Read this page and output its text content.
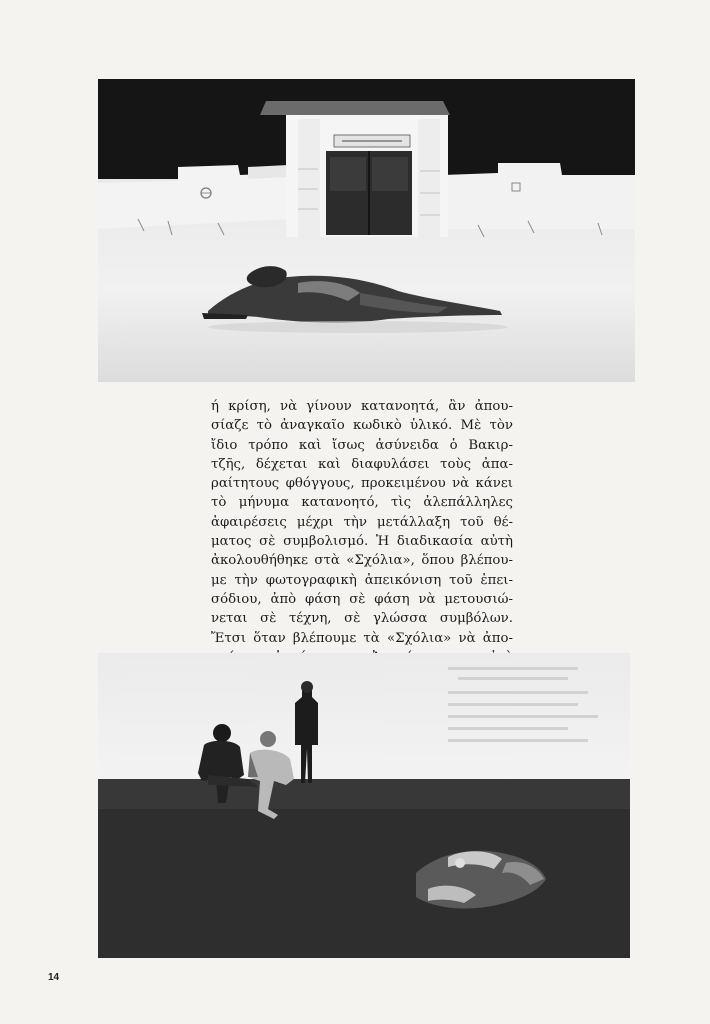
ή κρίση, νὰ γίνουν κατανοητά, ἂν ἀπου-
σίαζε τὸ ἀναγκαῖο κωδικὸ ὑλικό. Μὲ τὸν
ἴδιο τρόπο καὶ ἴσως ἀσύνειδα ὁ Βακιρ-
τζῆς, δέχεται καὶ διαφυλάσει τοὺς ἀπα-
ραίτητους φθόγγους, προκειμένου νὰ κάνει
τὸ μήνυμα κατανοητό, τὶς ἀλεπάλληλες
ἀφαιρέσεις μέχρι τὴν μετάλλαξη τοῦ θέ-
ματος σὲ συμβολισμό. Ἡ διαδικασία αὐτὴ
ἀκολουθήθηκε στὰ «Σχόλια», ὅπου βλέπου-
με τὴν φωτογραφικὴ ἀπεικόνιση τοῦ ἐπει-
σόδιου, ἀπὸ φάση σὲ φάση νὰ μετουσιώ-
νεται σὲ τέχνη, σὲ γλώσσα συμβόλων.
Ἔτσι ὅταν βλέπουμε τὰ «Σχόλια» νὰ ἀπο-

14
